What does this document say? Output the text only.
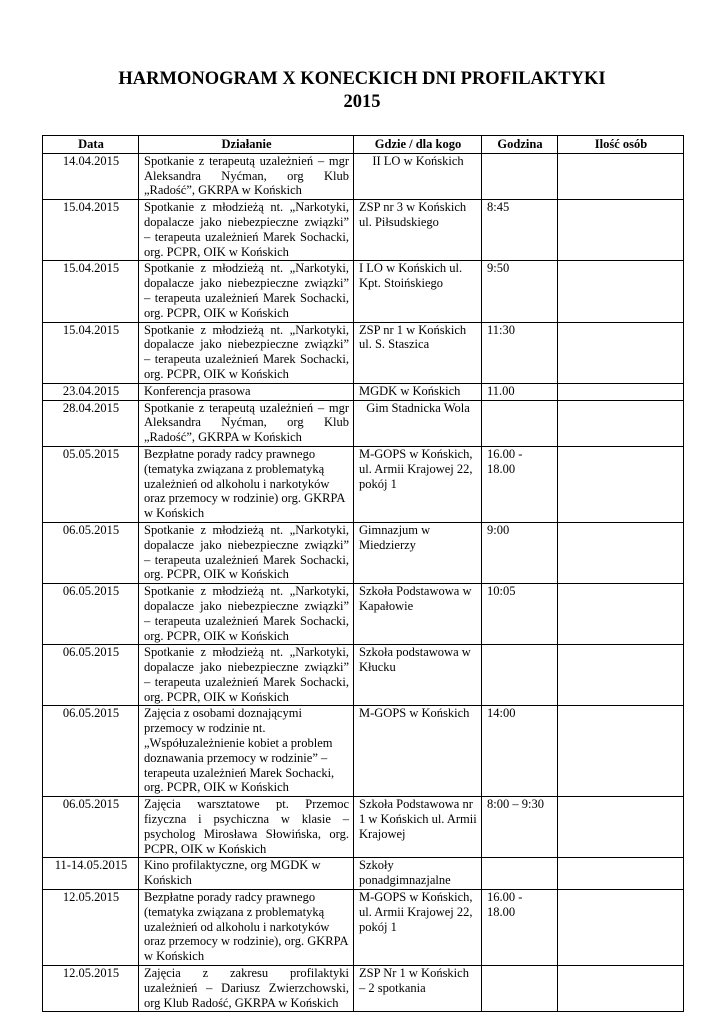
HARMONOGRAM X KONECKICH DNI PROFILAKTYKI
2015
Data	Działanie	Gdzie / dla kogo	Godzina	Ilość osób
14.04.2015	Spotkanie z terapeutą uzależnień – mgr Aleksandra Nyćman, org Klub „Radość”, GKRPA w Końskich	II LO w Końskich		
15.04.2015	Spotkanie z młodzieżą nt. „Narkotyki, dopalacze jako niebezpieczne związki” – terapeuta uzależnień Marek Sochacki, org. PCPR, OIK w Końskich	ZSP nr 3 w Końskich ul. Piłsudskiego	8:45	
15.04.2015	Spotkanie z młodzieżą nt. „Narkotyki, dopalacze jako niebezpieczne związki” – terapeuta uzależnień Marek Sochacki, org. PCPR, OIK w Końskich	I LO w Końskich ul. Kpt. Stoińskiego	9:50	
15.04.2015	Spotkanie z młodzieżą nt. „Narkotyki, dopalacze jako niebezpieczne związki” – terapeuta uzależnień Marek Sochacki, org. PCPR, OIK w Końskich	ZSP nr 1 w Końskich ul. S. Staszica	11:30	
23.04.2015	Konferencja prasowa	MGDK w Końskich	11.00	
28.04.2015	Spotkanie z terapeutą uzależnień – mgr Aleksandra Nyćman, org Klub „Radość”, GKRPA w Końskich	Gim Stadnicka Wola		
05.05.2015	Bezpłatne porady radcy prawnego (tematyka związana z problematyką uzależnień od alkoholu i narkotyków oraz przemocy w rodzinie) org. GKRPA w Końskich	M-GOPS w Końskich, ul. Armii Krajowej 22, pokój 1	16.00 - 18.00	
06.05.2015	Spotkanie z młodzieżą nt. „Narkotyki, dopalacze jako niebezpieczne związki” – terapeuta uzależnień Marek Sochacki, org. PCPR, OIK w Końskich	Gimnazjum w Miedzierzy	9:00	
06.05.2015	Spotkanie z młodzieżą nt. „Narkotyki, dopalacze jako niebezpieczne związki” – terapeuta uzależnień Marek Sochacki, org. PCPR, OIK w Końskich	Szkoła Podstawowa w Kapałowie	10:05	
06.05.2015	Spotkanie z młodzieżą nt. „Narkotyki, dopalacze jako niebezpieczne związki” – terapeuta uzależnień Marek Sochacki, org. PCPR, OIK w Końskich	Szkoła podstawowa w Kłucku		
06.05.2015	Zajęcia z osobami doznającymi przemocy w rodzinie nt. „Współuzależnienie kobiet a problem doznawania przemocy w rodzinie” – terapeuta uzależnień Marek Sochacki, org. PCPR, OIK w Końskich	M-GOPS w Końskich	14:00	
06.05.2015	Zajęcia warsztatowe pt. Przemoc fizyczna i psychiczna w klasie – psycholog Mirosława Słowińska, org. PCPR, OIK w Końskich	Szkoła Podstawowa nr 1 w Końskich ul. Armii Krajowej	8:00 – 9:30	
11-14.05.2015	Kino profilaktyczne, org MGDK w Końskich	Szkoły ponadgimnazjalne		
12.05.2015	Bezpłatne porady radcy prawnego (tematyka związana z problematyką uzależnień od alkoholu i narkotyków oraz przemocy w rodzinie), org. GKRPA w Końskich	M-GOPS w Końskich, ul. Armii Krajowej 22, pokój 1	16.00 - 18.00	
12.05.2015	Zajęcia z zakresu profilaktyki uzależnień – Dariusz Zwierzchowski, org Klub Radość, GKRPA w Końskich	ZSP Nr 1 w Końskich – 2 spotkania		
